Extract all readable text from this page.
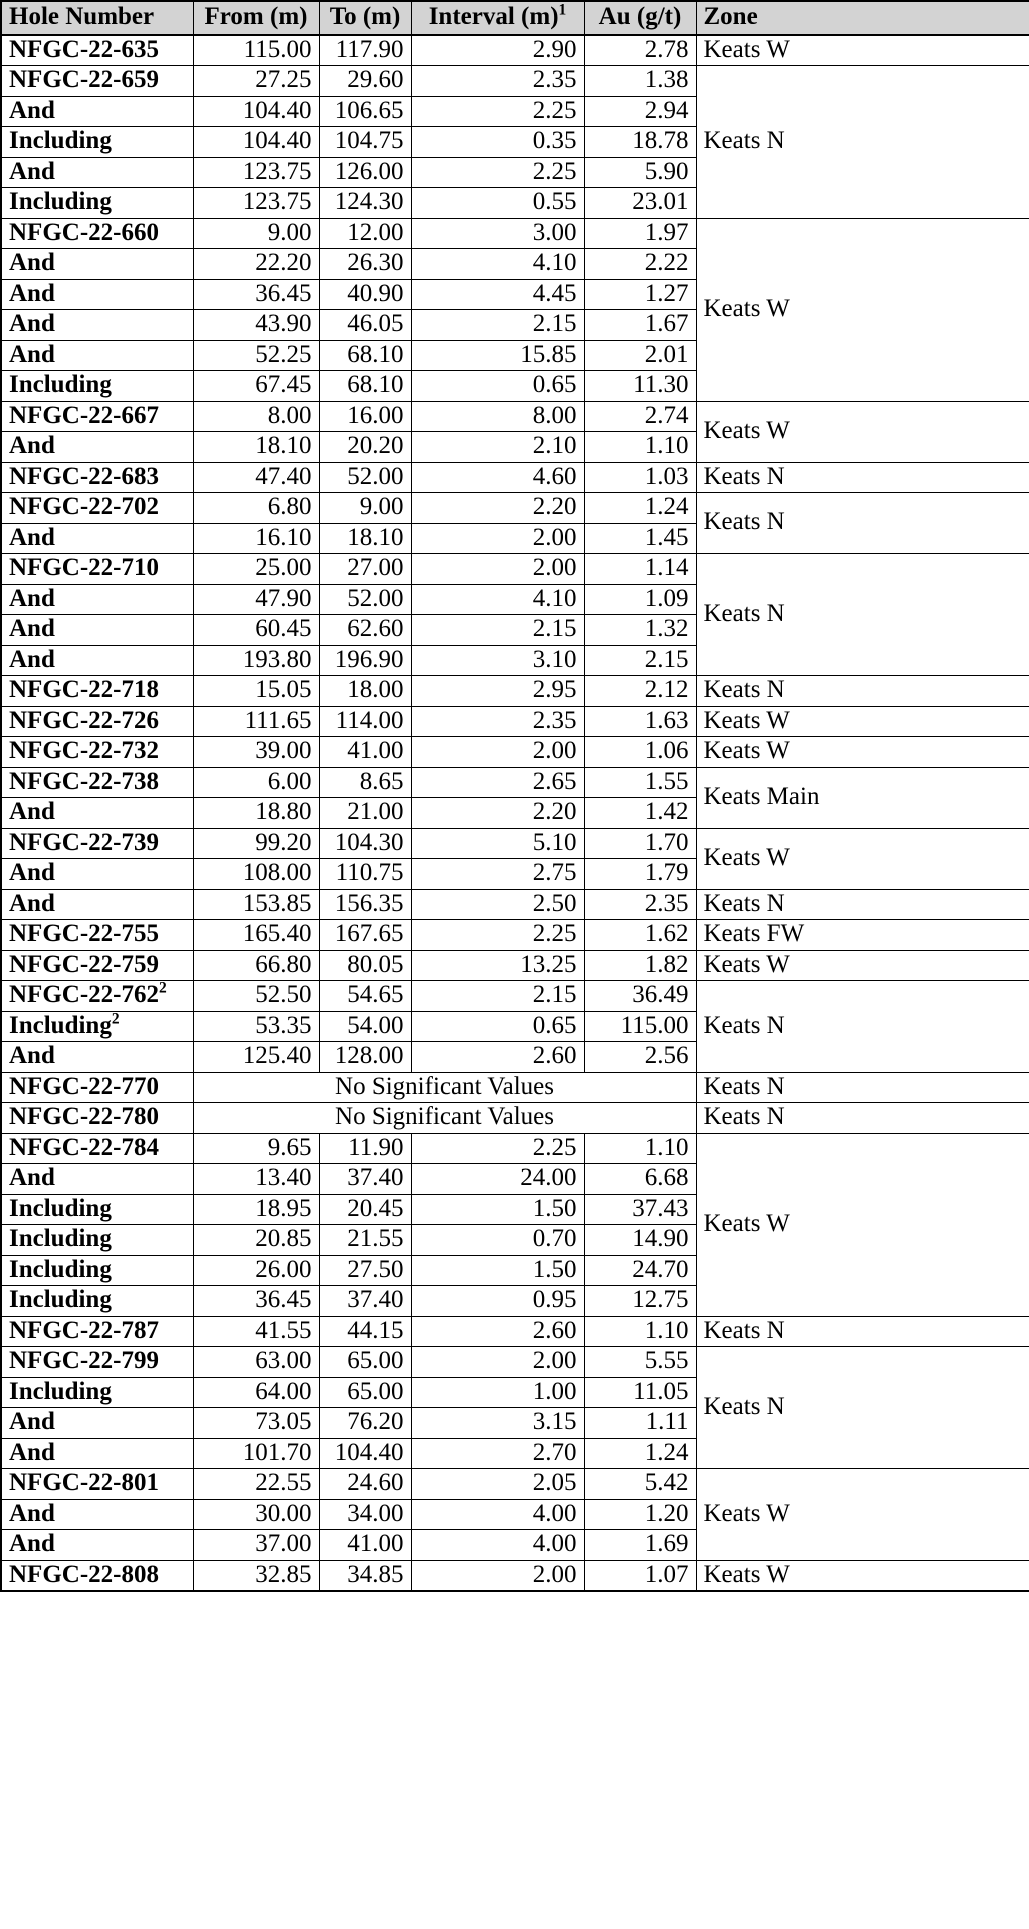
Hole Number	From (m)	To (m)	Interval $(m)^1$	Au (g/t)	Zone
NFGC-22-635	115.00	117.90	2.90	2.78	Keats W
NFGC-22-659	27.25	29.60	2.35	1.38	Keats N
And	104.40	106.65	2.25	2.94	
Including	104.40	104.75	0.35	18.78	
And	123.75	126.00	2.25	5.90	
Including	123.75	124.30	0.55	23.01	
NFGC-22-660	9.00	12.00	3.00	1.97	Keats W
And	22.20	26.30	4.10	2.22	
And	36.45	40.90	4.45	1.27	
And	43.90	46.05	2.15	1.67	
And	52.25	68.10	15.85	2.01	
Including	67.45	68.10	0.65	11.30	
NFGC-22-667	8.00	16.00	8.00	2.74	Keats W
And	18.10	20.20	2.10	1.10	
NFGC-22-683	47.40	52.00	4.60	1.03	Keats N
NFGC-22-702	6.80	9.00	2.20	1.24	Keats N
And	16.10	18.10	2.00	1.45	
NFGC-22-710	25.00	27.00	2.00	1.14	Keats N
And	47.90	52.00	4.10	1.09	
And	60.45	62.60	2.15	1.32	
And	193.80	196.90	3.10	2.15	
NFGC-22-718	15.05	18.00	2.95	2.12	Keats N
NFGC-22-726	111.65	114.00	2.35	1.63	Keats W
NFGC-22-732	39.00	41.00	2.00	1.06	Keats W
NFGC-22-738	6.00	8.65	2.65	1.55	Keats Main
And	18.80	21.00	2.20	1.42	
NFGC-22-739	99.20	104.30	5.10	1.70	Keats W
And	108.00	110.75	2.75	1.79	
And	153.85	156.35	2.50	2.35	Keats N
NFGC-22-755	165.40	167.65	2.25	1.62	Keats FW
NFGC-22-759	66.80	80.05	13.25	1.82	Keats W
NFGC-$22-762^2$	52.50	54.65	2.15	36.49	Keats N
Including$^2$	53.35	54.00	0.65	115.00	
And	125.40	128.00	2.60	2.56	
NFGC-22-770	No Significant Values				Keats N
NFGC-22-780	No Significant Values				Keats N
NFGC-22-784	9.65	11.90	2.25	1.10	Keats W
And	13.40	37.40	24.00	6.68	
Including	18.95	20.45	1.50	37.43	
Including	20.85	21.55	0.70	14.90	
Including	26.00	27.50	1.50	24.70	
Including	36.45	37.40	0.95	12.75	
NFGC-22-787	41.55	44.15	2.60	1.10	Keats N
NFGC-22-799	63.00	65.00	2.00	5.55	Keats N
Including	64.00	65.00	1.00	11.05	
And	73.05	76.20	3.15	1.11	
And	101.70	104.40	2.70	1.24	
NFGC-22-801	22.55	24.60	2.05	5.42	Keats W
And	30.00	34.00	4.00	1.20	
And	37.00	41.00	4.00	1.69	
NFGC-22-808	32.85	34.85	2.00	1.07	Keats W
